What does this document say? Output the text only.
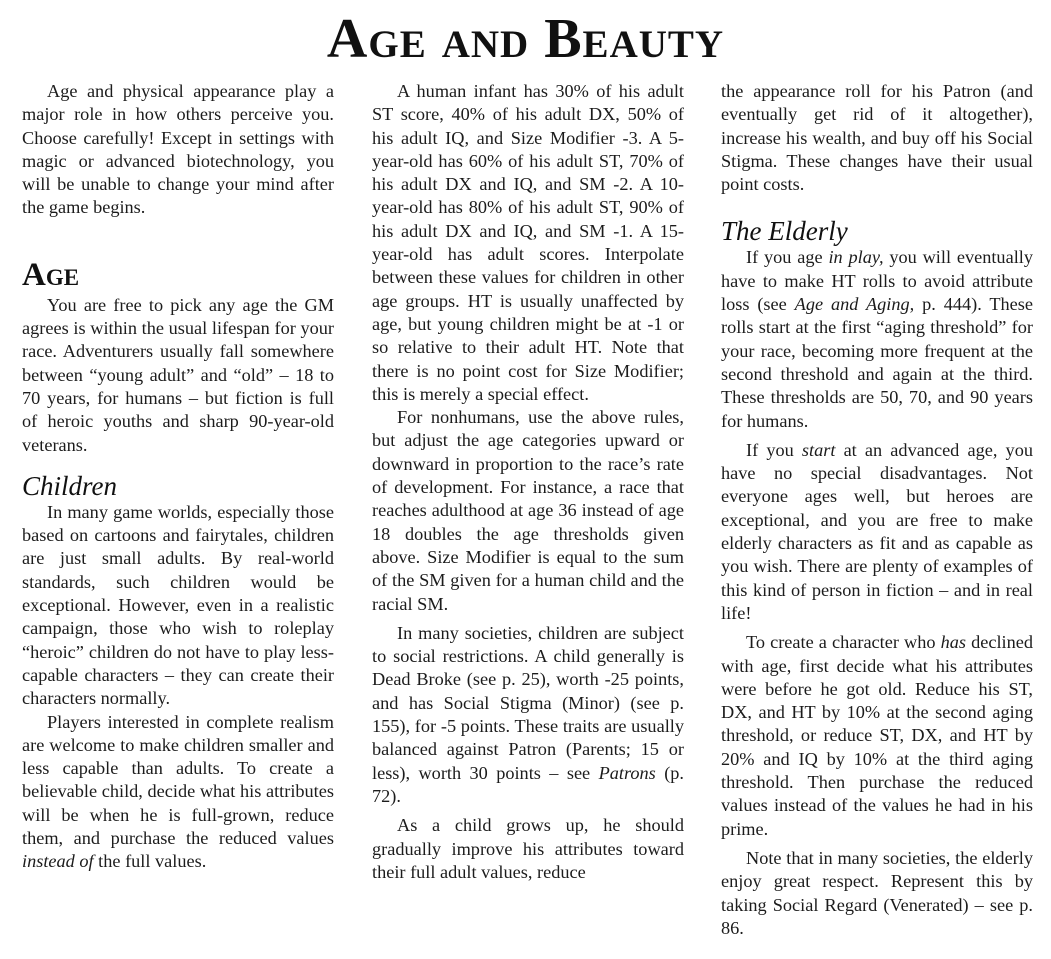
Age and Beauty

Age and physical appearance play a major role in how others perceive you. Choose carefully! Except in settings with magic or advanced biotechnology, you will be unable to change your mind after the game begins.

Age

You are free to pick any age the GM agrees is within the usual lifespan for your race. Adventurers usually fall somewhere between “young adult” and “old” – 18 to 70 years, for humans – but fiction is full of heroic youths and sharp 90-year-old veterans.

Children

In many game worlds, especially those based on cartoons and fairytales, children are just small adults. By real-world standards, such children would be exceptional. However, even in a realistic campaign, those who wish to roleplay “heroic” children do not have to play less-capable characters – they can create their characters normally.

Players interested in complete realism are welcome to make children smaller and less capable than adults. To create a believable child, decide what his attributes will be when he is full-grown, reduce them, and purchase the reduced values instead of the full values.

A human infant has 30% of his adult ST score, 40% of his adult DX, 50% of his adult IQ, and Size Modifier -3. A 5-year-old has 60% of his adult ST, 70% of his adult DX and IQ, and SM -2. A 10-year-old has 80% of his adult ST, 90% of his adult DX and IQ, and SM -1. A 15-year-old has adult scores. Interpolate between these values for children in other age groups. HT is usually unaffected by age, but young children might be at -1 or so relative to their adult HT. Note that there is no point cost for Size Modifier; this is merely a special effect.

For nonhumans, use the above rules, but adjust the age categories upward or downward in proportion to the race’s rate of development. For instance, a race that reaches adulthood at age 36 instead of age 18 doubles the age thresholds given above. Size Modifier is equal to the sum of the SM given for a human child and the racial SM.

In many societies, children are subject to social restrictions. A child generally is Dead Broke (see p. 25), worth -25 points, and has Social Stigma (Minor) (see p. 155), for -5 points. These traits are usually balanced against Patron (Parents; 15 or less), worth 30 points – see Patrons (p. 72).

As a child grows up, he should gradually improve his attributes toward their full adult values, reduce

the appearance roll for his Patron (and eventually get rid of it altogether), increase his wealth, and buy off his Social Stigma. These changes have their usual point costs.

The Elderly

If you age in play, you will eventually have to make HT rolls to avoid attribute loss (see Age and Aging, p. 444). These rolls start at the first “aging threshold” for your race, becoming more frequent at the second threshold and again at the third. These thresholds are 50, 70, and 90 years for humans.

If you start at an advanced age, you have no special disadvantages. Not everyone ages well, but heroes are exceptional, and you are free to make elderly characters as fit and as capable as you wish. There are plenty of examples of this kind of person in fiction – and in real life!

To create a character who has declined with age, first decide what his attributes were before he got old. Reduce his ST, DX, and HT by 10% at the second aging threshold, or reduce ST, DX, and HT by 20% and IQ by 10% at the third aging threshold. Then purchase the reduced values instead of the values he had in his prime.

Note that in many societies, the elderly enjoy great respect. Represent this by taking Social Regard (Venerated) – see p. 86.
